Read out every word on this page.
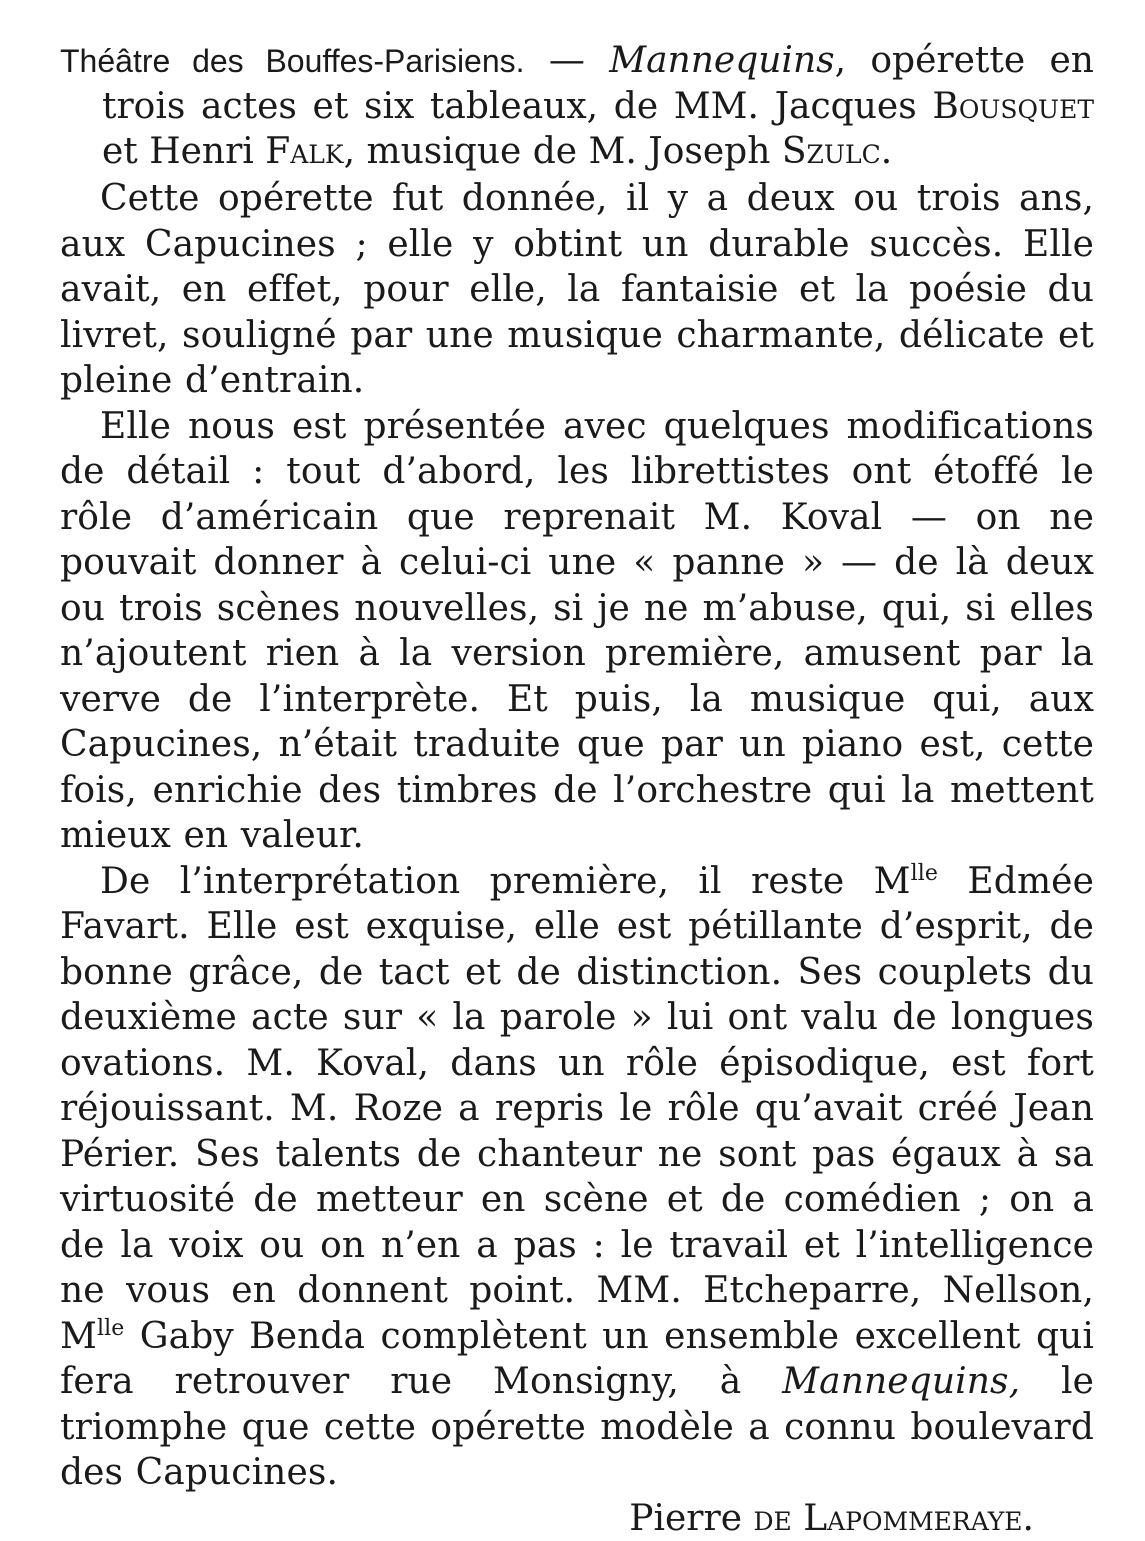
Théâtre des Bouffes-Parisiens. — Mannequins, opérette en trois actes et six tableaux, de MM. Jacques Bousquet et Henri Falk, musique de M. Joseph Szulc.

Cette opérette fut donnée, il y a deux ou trois ans, aux Capucines ; elle y obtint un durable succès. Elle avait, en effet, pour elle, la fantaisie et la poésie du livret, souligné par une musique charmante, délicate et pleine d’entrain.

Elle nous est présentée avec quelques modifications de détail : tout d’abord, les librettistes ont étoffé le rôle d’américain que reprenait M. Koval — on ne pouvait donner à celui-ci une « panne » — de là deux ou trois scènes nouvelles, si je ne m’abuse, qui, si elles n’ajoutent rien à la version première, amusent par la verve de l’interprète. Et puis, la musique qui, aux Capucines, n’était traduite que par un piano est, cette fois, enrichie des timbres de l’orchestre qui la mettent mieux en valeur.

De l’interprétation première, il reste $M^{lle}$ Edmée Favart. Elle est exquise, elle est pétillante d’esprit, de bonne grâce, de tact et de distinction. Ses couplets du deuxième acte sur « la parole » lui ont valu de longues ovations. M. Koval, dans un rôle épisodique, est fort réjouissant. M. Roze a repris le rôle qu’avait créé Jean Périer. Ses talents de chanteur ne sont pas égaux à sa virtuosité de metteur en scène et de comédien ; on a de la voix ou on n’en a pas : le travail et l’intelligence ne vous en donnent point. MM. Etcheparre, Nellson, $M^{lle}$ Gaby Benda complètent un ensemble excellent qui fera retrouver rue Monsigny, à Mannequins, le triomphe que cette opérette modèle a connu boulevard des Capucines.

Pierre de Lapommeraye.
